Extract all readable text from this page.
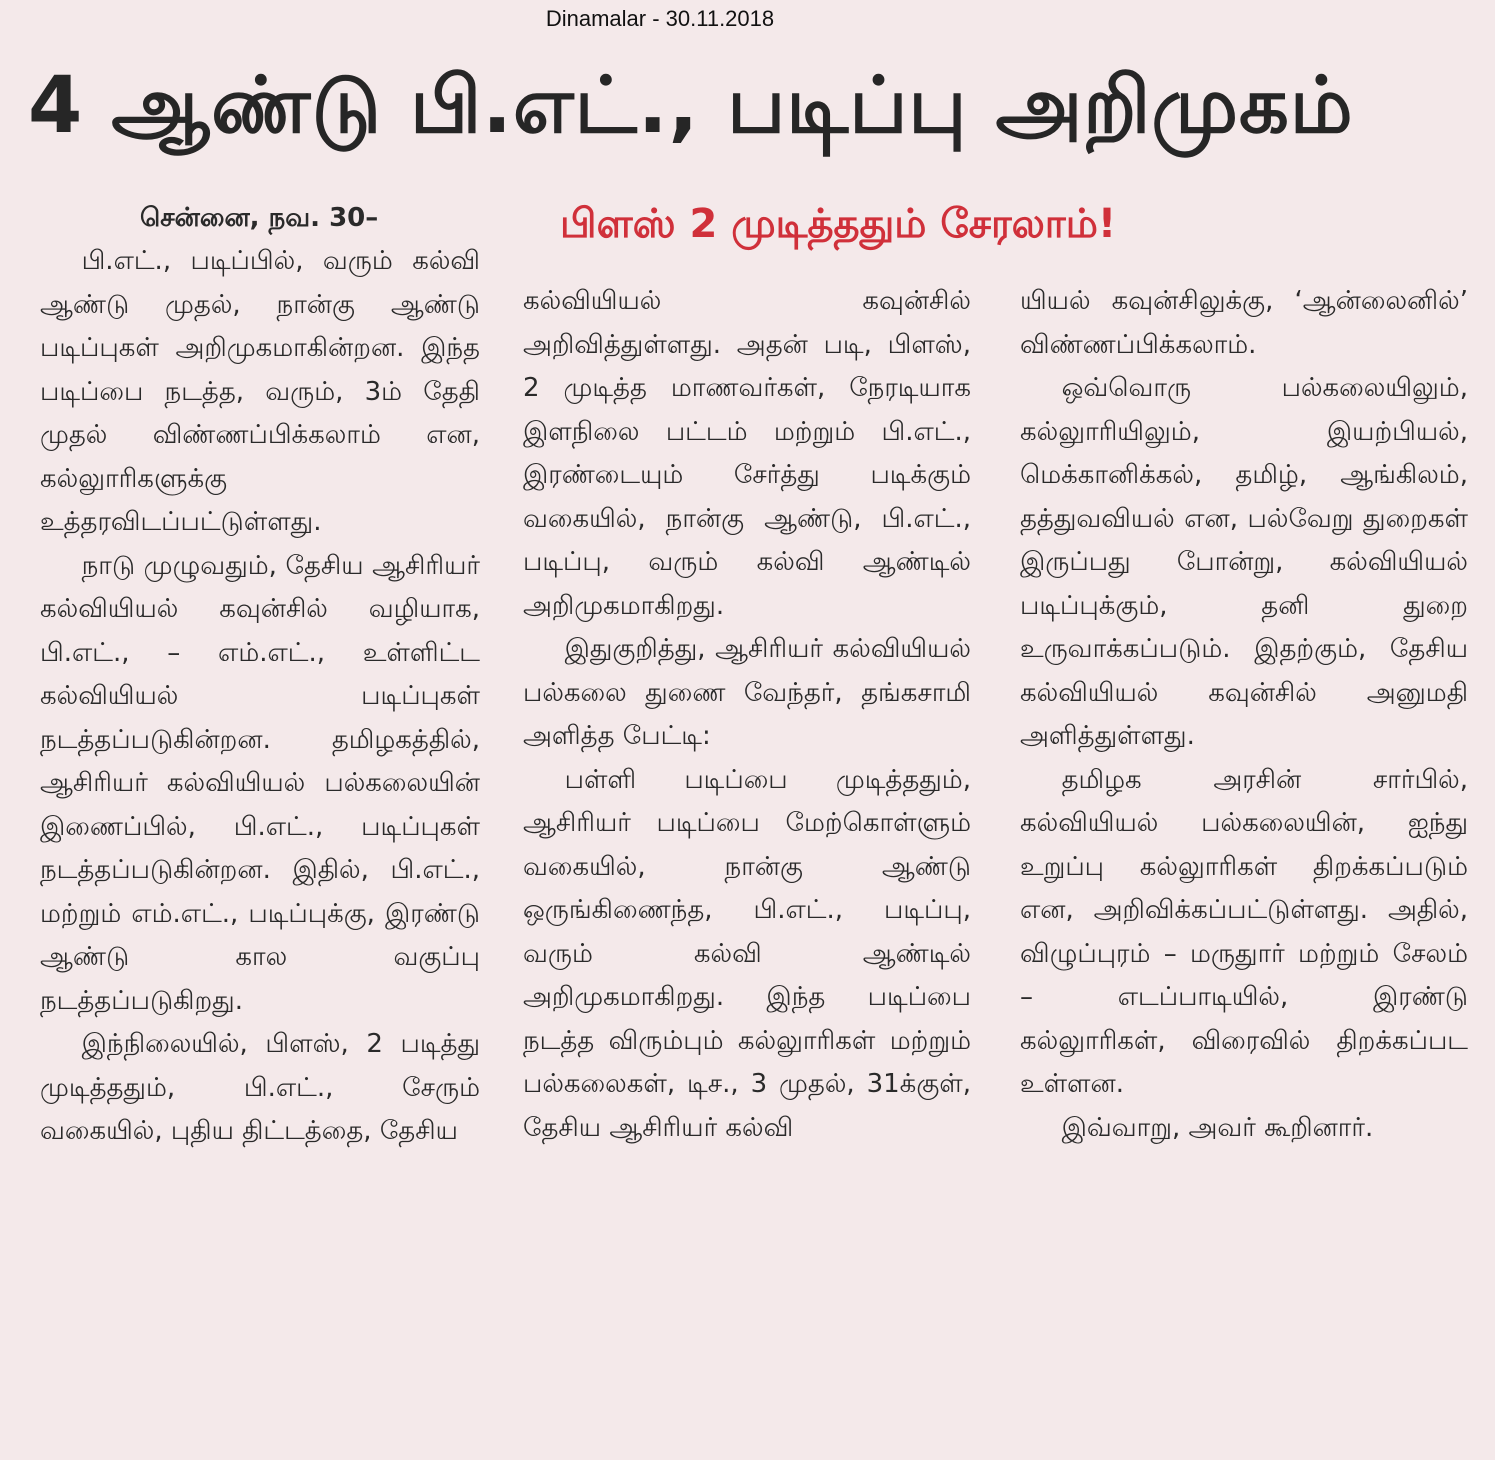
Dinamalar - 30.11.2018
4 ஆண்டு பி.எட்., படிப்பு அறிமுகம்
பிளஸ் 2 முடித்ததும் சேரலாம்!
சென்னை, நவ. 30–

பி.எட்., படிப்பில், வரும் கல்வி ஆண்டு முதல், நான்கு ஆண்டு படிப்புகள் அறிமுகமாகின்றன. இந்த படிப்பை நடத்த, வரும், 3ம் தேதி முதல் விண்ணப்பிக்கலாம் என, கல்லுாரிகளுக்கு உத்தரவிடப்பட்டுள்ளது.

நாடு முழுவதும், தேசிய ஆசிரியர் கல்வியியல் கவுன்சில் வழியாக, பி.எட்., – எம்.எட்., உள்ளிட்ட கல்வியியல் படிப்புகள் நடத்தப்படுகின்றன. தமிழகத்தில், ஆசிரியர் கல்வியியல் பல்கலையின் இணைப்பில், பி.எட்., படிப்புகள் நடத்தப்படுகின்றன. இதில், பி.எட்., மற்றும் எம்.எட்., படிப்புக்கு, இரண்டு ஆண்டு கால வகுப்பு நடத்தப்படுகிறது.

இந்நிலையில், பிளஸ், 2 படித்து முடித்ததும், பி.எட்., சேரும் வகையில், புதிய திட்டத்தை, தேசிய

கல்வியியல் கவுன்சில் அறிவித்துள்ளது. அதன் படி, பிளஸ், 2 முடித்த மாணவர்கள், நேரடியாக இளநிலை பட்டம் மற்றும் பி.எட்., இரண்டையும் சேர்த்து படிக்கும் வகையில், நான்கு ஆண்டு, பி.எட்., படிப்பு, வரும் கல்வி ஆண்டில் அறிமுகமாகிறது.

இதுகுறித்து, ஆசிரியர் கல்வியியல் பல்கலை துணை வேந்தர், தங்கசாமி அளித்த பேட்டி:

பள்ளி படிப்பை முடித்ததும், ஆசிரியர் படிப்பை மேற்கொள்ளும் வகையில், நான்கு ஆண்டு ஒருங்கிணைந்த, பி.எட்., படிப்பு, வரும் கல்வி ஆண்டில் அறிமுகமாகிறது. இந்த படிப்பை நடத்த விரும்பும் கல்லுாரிகள் மற்றும் பல்கலைகள், டிச., 3 முதல், 31க்குள், தேசிய ஆசிரியர் கல்வி

யியல் கவுன்சிலுக்கு, ‘ஆன்லைனில்’ விண்ணப்பிக்கலாம்.

ஒவ்வொரு பல்கலையிலும், கல்லுாரியிலும், இயற்பியல், மெக்கானிக்கல், தமிழ், ஆங்கிலம், தத்துவவியல் என, பல்வேறு துறைகள் இருப்பது போன்று, கல்வியியல் படிப்புக்கும், தனி துறை உருவாக்கப்படும். இதற்கும், தேசிய கல்வியியல் கவுன்சில் அனுமதி அளித்துள்ளது.

தமிழக அரசின் சார்பில், கல்வியியல் பல்கலையின், ஐந்து உறுப்பு கல்லுாரிகள் திறக்கப்படும் என, அறிவிக்கப்பட்டுள்ளது. அதில், விழுப்புரம் – மருதுார் மற்றும் சேலம் – எடப்பாடியில், இரண்டு கல்லுாரிகள், விரைவில் திறக்கப்பட உள்ளன.

இவ்வாறு, அவர் கூறினார்.
